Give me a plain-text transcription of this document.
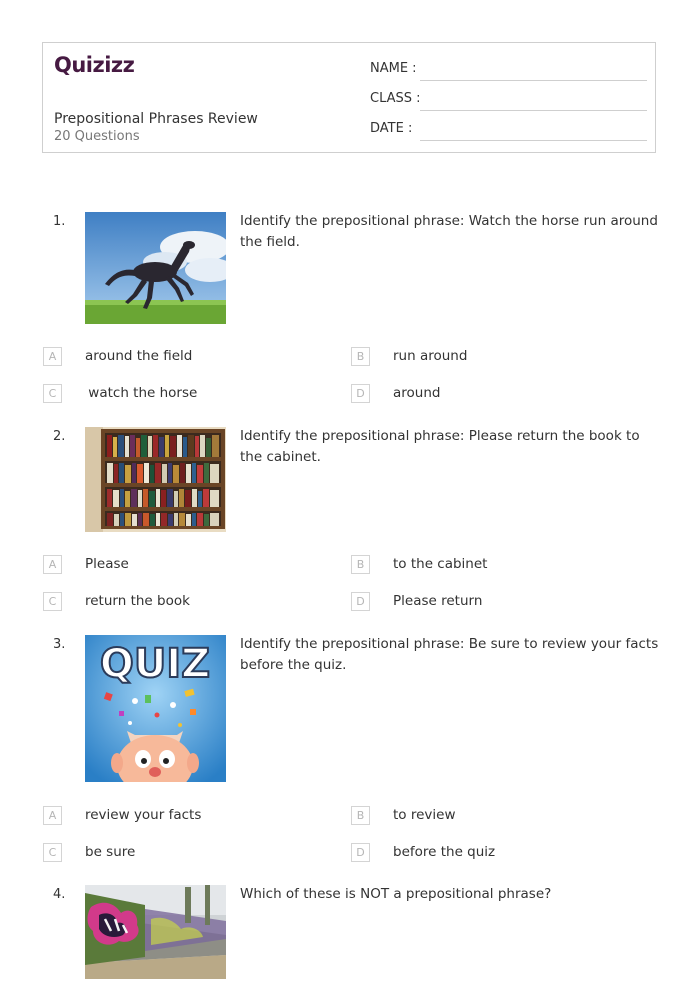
Quizizz
Prepositional Phrases Review
20 Questions
NAME :
CLASS :
DATE :
1.	Identify the prepositional phrase: Watch the horse run around the field.
A	around the field	B	run around
C	watch the horse	D	around
2.	Identify the prepositional phrase: Please return the book to the cabinet.
A	Please	B	to the cabinet
C	return the book	D	Please return
3. QUIZ Identify the prepositional phrase: Be sure to review your facts before the quiz.
A	review your facts	B	to review
C	be sure	D	before the quiz
4.	Which of these is NOT a prepositional phrase?
